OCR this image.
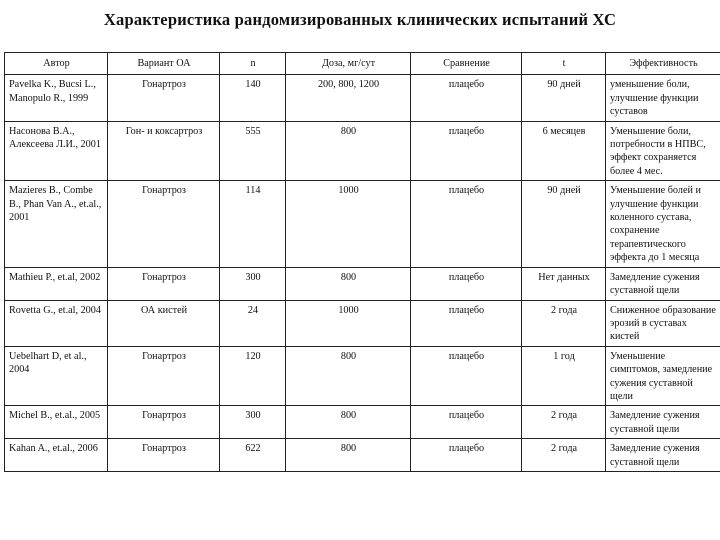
Характеристика рандомизированных клинических испытаний ХС
Автор	Вариант ОА	n	Доза, мг/сут	Сравнение	t	Эффективность
Pavelka K., Bucsi L., Manopulo R., 1999	Гонартроз	140	200, 800, 1200	плацебо	90 дней	уменьшение боли, улучшение функции суставов
Насонова В.А., Алексеева Л.И., 2001	Гон- и коксартроз	555	800	плацебо	6 месяцев	Уменьшение боли, потребности в НПВС, эффект сохраняется более 4 мес.
Mazieres B., Combe B., Phan Van A., et.al., 2001	Гонартроз	114	1000	плацебо	90 дней	Уменьшение болей и улучшение функции коленного сустава, сохранение терапевтического эффекта до 1 месяца
Mathieu P., et.al, 2002	Гонартроз	300	800	плацебо	Нет данных	Замедление сужения суставной щели
Rovetta G., et.al, 2004	ОА кистей	24	1000	плацебо	2 года	Сниженное образование эрозий в суставах кистей
Uebelhart D, et al., 2004	Гонартроз	120	800	плацебо	1 год	Уменьшение симптомов, замедление сужения суставной щели
Michel B., et.al., 2005	Гонартроз	300	800	плацебо	2 года	Замедление сужения суставной щели
Kahan A., et.al., 2006	Гонартроз	622	800	плацебо	2 года	Замедление сужения суставной щели
